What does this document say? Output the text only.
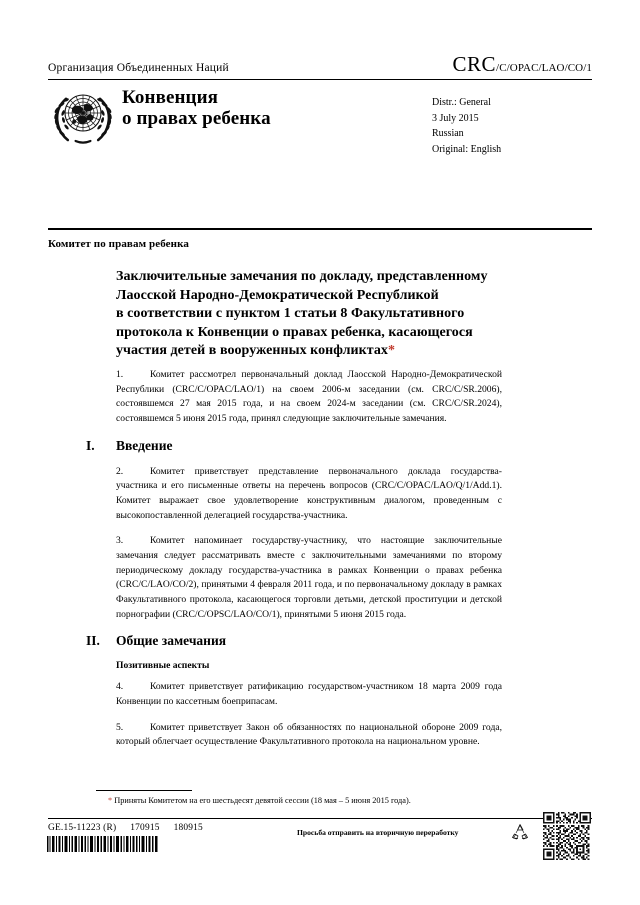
Организация Объединенных Наций	CRC/C/OPAC/LAO/CO/1
Конвенция
о правах ребенка
Distr.: General
3 July 2015
Russian
Original: English
Комитет по правам ребенка
Заключительные замечания по докладу, представленному
Лаосской Народно-Демократической Республикой
в соответствии с пунктом 1 статьи 8 Факультативного
протокола к Конвенции о правах ребенка, касающегося
участия детей в вооруженных конфликтах*

1.	Комитет рассмотрел первоначальный доклад Лаосской Народно-Демократической Республики (CRC/C/OPAC/LAO/1) на своем 2006-м заседании (см. CRC/C/SR.2006), состоявшемся 27 мая 2015 года, и на своем 2024-м заседании (см. CRC/C/SR.2024), состоявшемся 5 июня 2015 года, принял следующие заключительные замечания.

I.	Введение

2.	Комитет приветствует представление первоначального доклада государства-участника и его письменные ответы на перечень вопросов (CRC/C/OPAC/LAO/Q/1/Add.1). Комитет выражает свое удовлетворение конструктивным диалогом, проведенным с высокопоставленной делегацией государства-участника.

3.	Комитет напоминает государству-участнику, что настоящие заключительные замечания следует рассматривать вместе с заключительными замечаниями по второму периодическому докладу государства-участника в рамках Конвенции о правах ребенка (CRC/C/LAO/CO/2), принятыми 4 февраля 2011 года, и по первоначальному докладу в рамках Факультативного протокола, касающегося торговли детьми, детской проституции и детской порнографии (CRC/C/OPSC/LAO/CO/1), принятыми 5 июня 2015 года.

II.	Общие замечания
Позитивные аспекты

4.	Комитет приветствует ратификацию государством-участником 18 марта 2009 года Конвенции по кассетным боеприпасам.

5.	Комитет приветствует Закон об обязанностях по национальной обороне 2009 года, который облегчает осуществление Факультативного протокола на национальном уровне.

* Приняты Комитетом на его шестьдесят девятой сессии (18 мая – 5 июня 2015 года).
GE.15-11223 (R) 170915 180915	Просьба отправить на вторичную переработку
